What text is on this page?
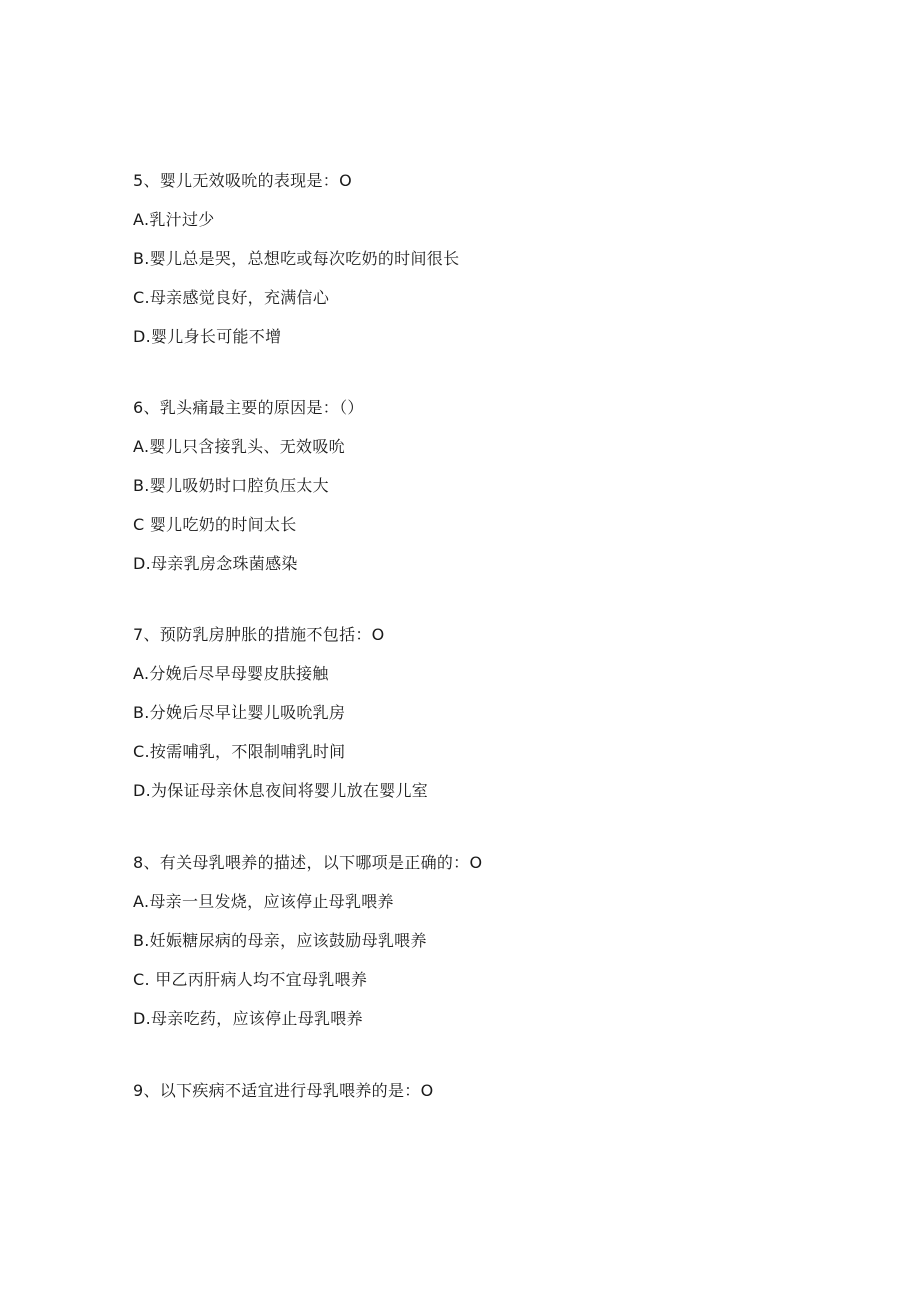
5、婴儿无效吸吮的表现是：O
A.乳汁过少
B.婴儿总是哭，总想吃或每次吃奶的时间很长
C.母亲感觉良好，充满信心
D.婴儿身长可能不增
6、乳头痛最主要的原因是：（）
A.婴儿只含接乳头、无效吸吮
B.婴儿吸奶时口腔负压太大
C 婴儿吃奶的时间太长
D.母亲乳房念珠菌感染
7、预防乳房肿胀的措施不包括：O
A.分娩后尽早母婴皮肤接触
B.分娩后尽早让婴儿吸吮乳房
C.按需哺乳，不限制哺乳时间
D.为保证母亲休息夜间将婴儿放在婴儿室
8、有关母乳喂养的描述，以下哪项是正确的：O
A.母亲一旦发烧，应该停止母乳喂养
B.妊娠糖尿病的母亲，应该鼓励母乳喂养
C. 甲乙丙肝病人均不宜母乳喂养
D.母亲吃药，应该停止母乳喂养
9、以下疾病不适宜进行母乳喂养的是：O
